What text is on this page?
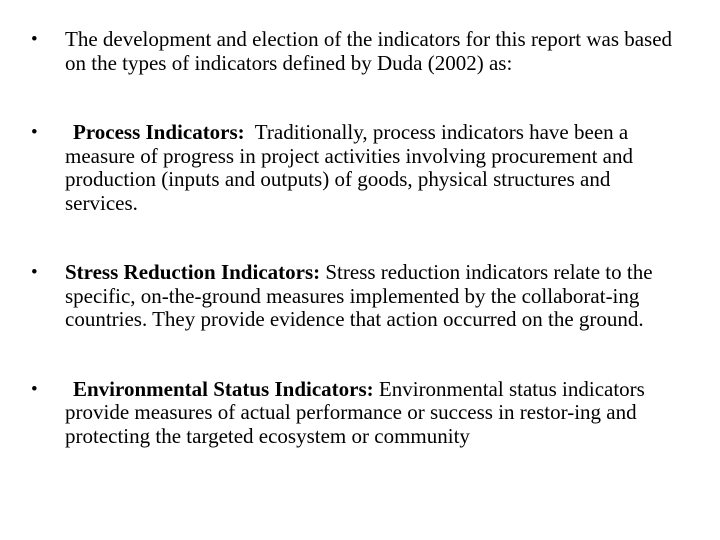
• The development and election of the indicators for this report was based on the types of indicators defined by Duda (2002) as:
• Process Indicators:  Traditionally, process indicators have been a measure of progress in project activities involving procurement and production (inputs and outputs) of goods, physical structures and services.
• Stress Reduction Indicators: Stress reduction indicators relate to the specific, on-the-ground measures implemented by the collaborat-ing countries. They provide evidence that action occurred on the ground.
• Environmental Status Indicators: Environmental status indicators provide measures of actual performance or success in restor-ing and protecting the targeted ecosystem or community
